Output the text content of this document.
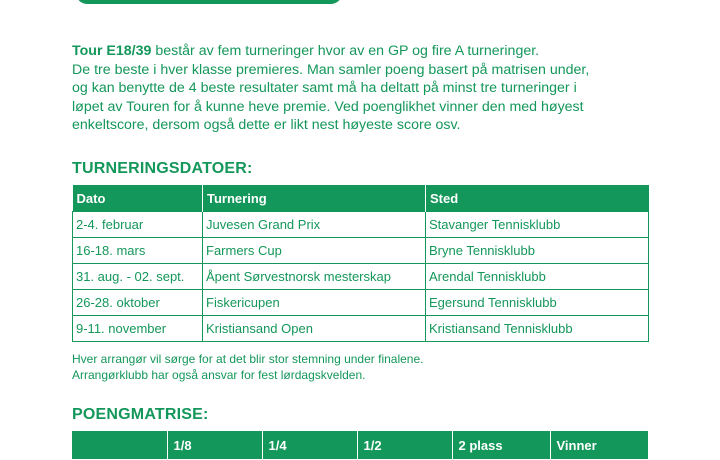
Tour E18/39 består av fem turneringer hvor av en GP og fire A turneringer.
De tre beste i hver klasse premieres. Man samler poeng basert på matrisen under,
og kan benytte de 4 beste resultater samt må ha deltatt på minst tre turneringer i
løpet av Touren for å kunne heve premie. Ved poenglikhet vinner den med høyest
enkeltscore, dersom også dette er likt nest høyeste score osv.
TURNERINGSDATOER:
Dato	Turnering	Sted
2-4. februar	Juvesen Grand Prix	Stavanger Tennisklubb
16-18. mars	Farmers Cup	Bryne Tennisklubb
31. aug. - 02. sept.	Åpent Sørvestnorsk mesterskap	Arendal Tennisklubb
26-28. oktober	Fiskericupen	Egersund Tennisklubb
9-11. november	Kristiansand Open	Kristiansand Tennisklubb
Hver arrangør vil sørge for at det blir stor stemning under finalene.
Arrangørklubb har også ansvar for fest lørdagskvelden.
POENGMATRISE:
	1/8	1/4	1/2	2 plass	Vinner
